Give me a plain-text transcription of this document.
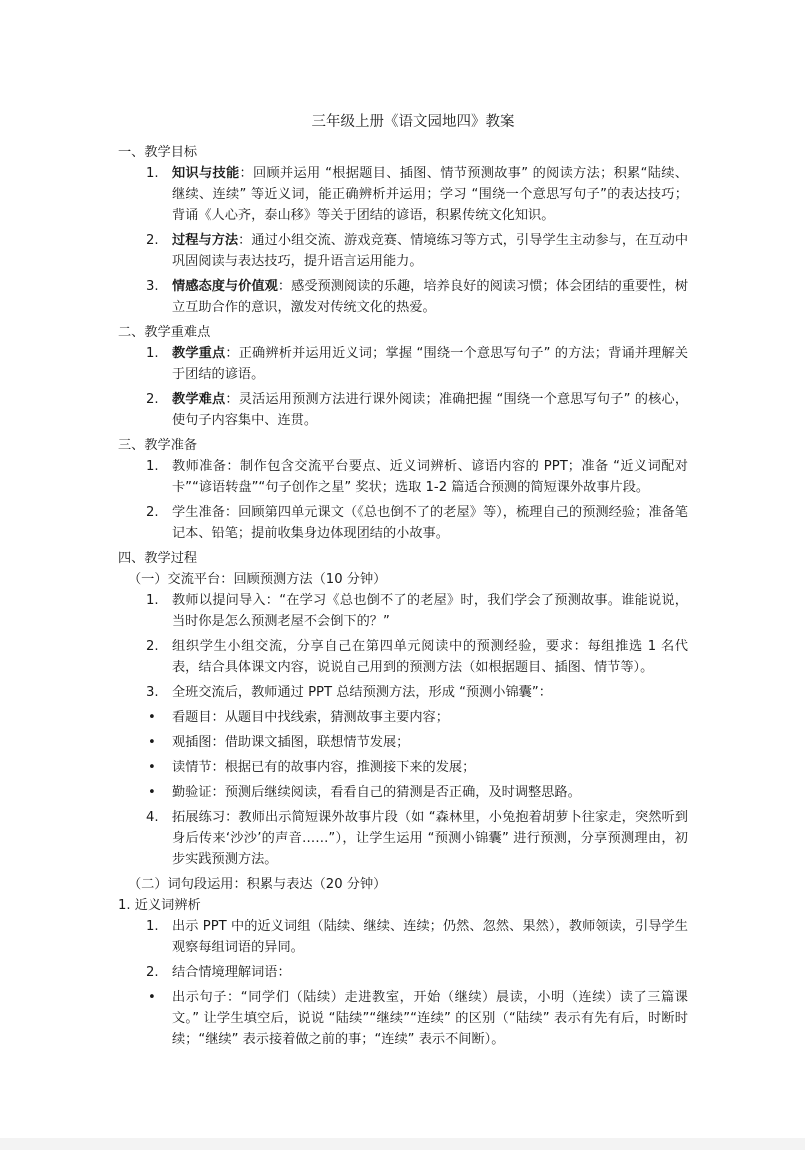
三年级上册《语文园地四》教案
一、教学目标
1. 知识与技能：回顾并运用 “根据题目、插图、情节预测故事” 的阅读方法；积累“陆续、继续、连续” 等近义词，能正确辨析并运用；学习 “围绕一个意思写句子”的表达技巧；背诵《人心齐，泰山移》等关于团结的谚语，积累传统文化知识。
2. 过程与方法：通过小组交流、游戏竞赛、情境练习等方式，引导学生主动参与，在互动中巩固阅读与表达技巧，提升语言运用能力。
3. 情感态度与价值观：感受预测阅读的乐趣，培养良好的阅读习惯；体会团结的重要性，树立互助合作的意识，激发对传统文化的热爱。
二、教学重难点
1. 教学重点：正确辨析并运用近义词；掌握 “围绕一个意思写句子” 的方法；背诵并理解关于团结的谚语。
2. 教学难点：灵活运用预测方法进行课外阅读；准确把握 “围绕一个意思写句子” 的核心，使句子内容集中、连贯。
三、教学准备
1. 教师准备：制作包含交流平台要点、近义词辨析、谚语内容的 PPT；准备 “近义词配对卡”“谚语转盘”“句子创作之星” 奖状；选取 1-2 篇适合预测的简短课外故事片段。
2. 学生准备：回顾第四单元课文（《总也倒不了的老屋》等），梳理自己的预测经验；准备笔记本、铅笔；提前收集身边体现团结的小故事。
四、教学过程
（一）交流平台：回顾预测方法（10 分钟）
1. 教师以提问导入：“在学习《总也倒不了的老屋》时，我们学会了预测故事。谁能说说，当时你是怎么预测老屋不会倒下的？”
2. 组织学生小组交流，分享自己在第四单元阅读中的预测经验，要求：每组推选 1 名代表，结合具体课文内容，说说自己用到的预测方法（如根据题目、插图、情节等）。
3. 全班交流后，教师通过 PPT 总结预测方法，形成 “预测小锦囊”：
• 看题目：从题目中找线索，猜测故事主要内容；
• 观插图：借助课文插图，联想情节发展；
• 读情节：根据已有的故事内容，推测接下来的发展；
• 勤验证：预测后继续阅读，看看自己的猜测是否正确，及时调整思路。
4. 拓展练习：教师出示简短课外故事片段（如 “森林里，小兔抱着胡萝卜往家走，突然听到身后传来‘沙沙’的声音……”），让学生运用 “预测小锦囊” 进行预测，分享预测理由，初步实践预测方法。
（二）词句段运用：积累与表达（20 分钟）
1. 近义词辨析
1. 出示 PPT 中的近义词组（陆续、继续、连续；仍然、忽然、果然），教师领读，引导学生观察每组词语的异同。
2. 结合情境理解词语：
• 出示句子：“同学们（陆续）走进教室，开始（继续）晨读，小明（连续）读了三篇课文。” 让学生填空后，说说 “陆续”“继续”“连续” 的区别（“陆续” 表示有先有后，时断时续；“继续” 表示接着做之前的事；“连续” 表示不间断）。
